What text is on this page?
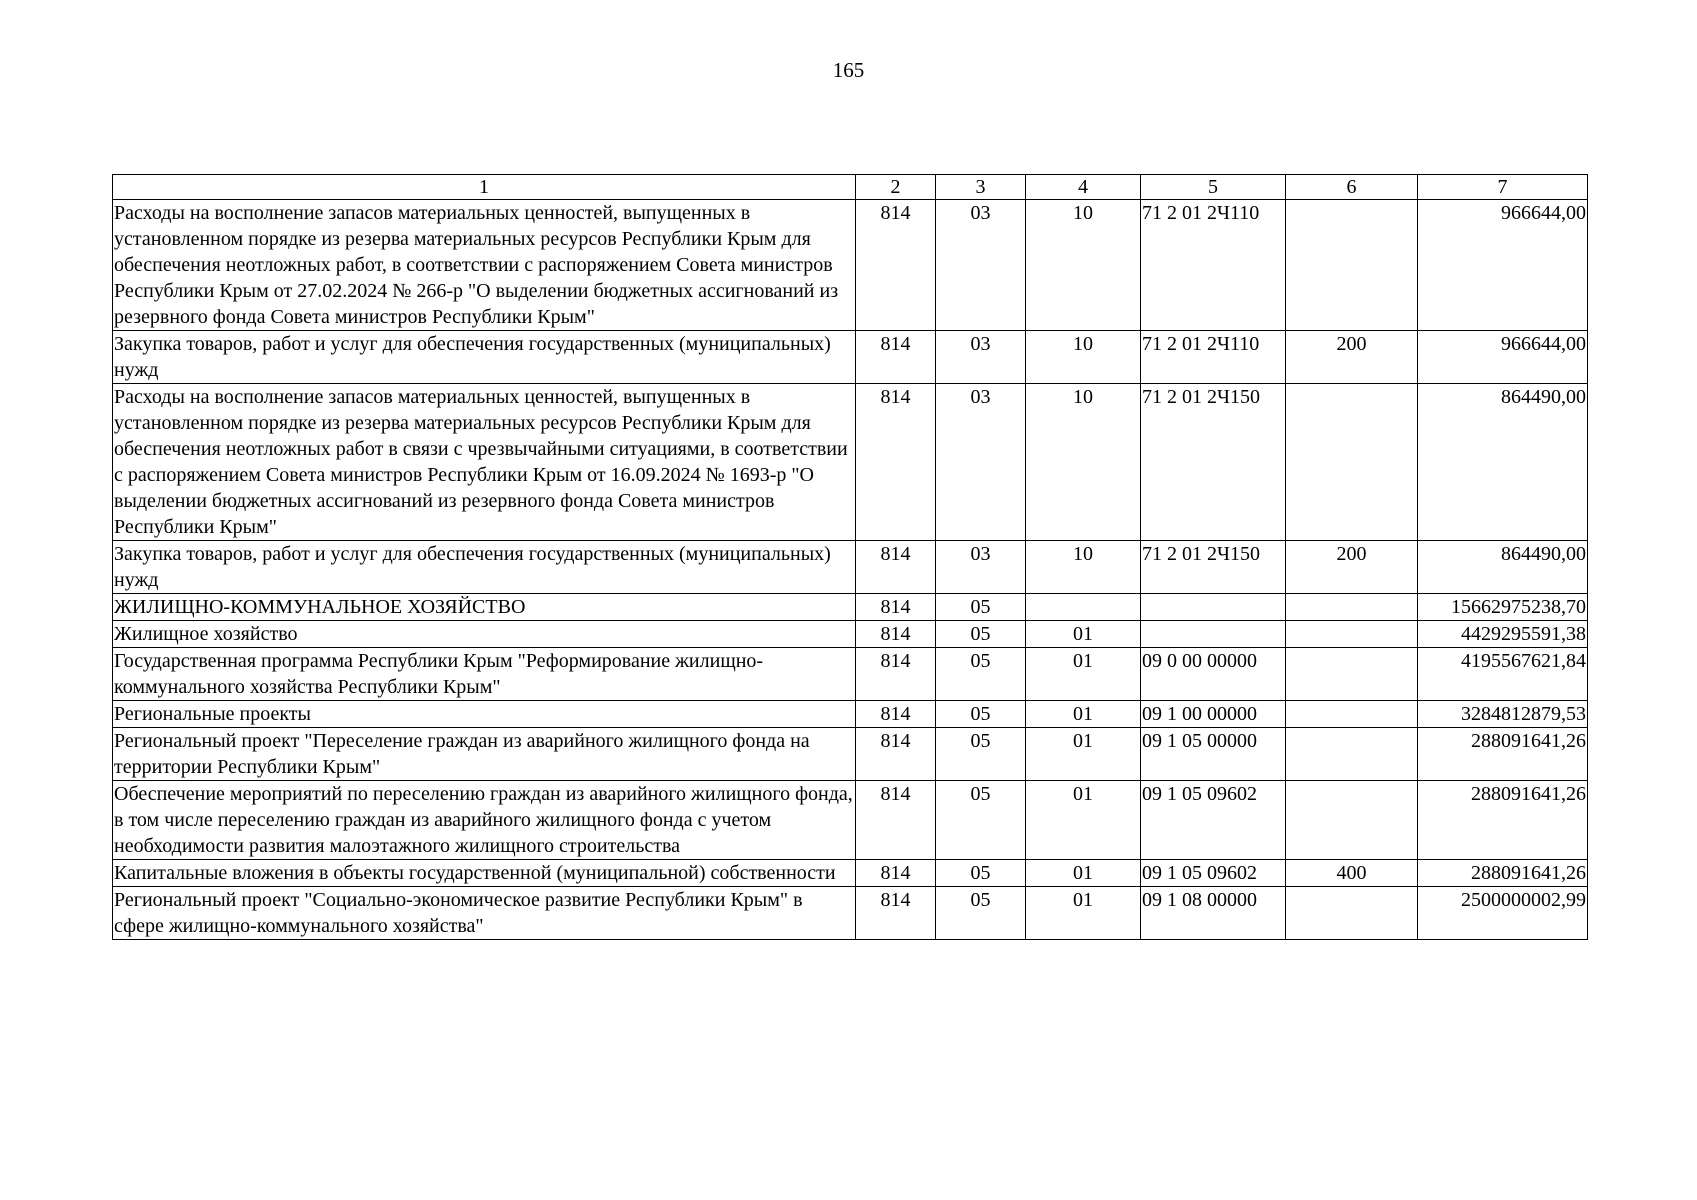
165
1	2	3	4	5	6	7
Расходы на восполнение запасов материальных ценностей, выпущенных в установленном порядке из резерва материальных ресурсов Республики Крым для обеспечения неотложных работ, в соответствии с распоряжением Совета министров Республики Крым от 27.02.2024 № 266-р "О выделении бюджетных ассигнований из резервного фонда Совета министров Республики Крым"	814	03	10	71 2 01 2Ч110		966644,00
Закупка товаров, работ и услуг для обеспечения государственных (муниципальных) нужд	814	03	10	71 2 01 2Ч110	200	966644,00
Расходы на восполнение запасов материальных ценностей, выпущенных в установленном порядке из резерва материальных ресурсов Республики Крым для обеспечения неотложных работ в связи с чрезвычайными ситуациями, в соответствии с распоряжением Совета министров Республики Крым от 16.09.2024 № 1693-р "О выделении бюджетных ассигнований из резервного фонда Совета министров Республики Крым"	814	03	10	71 2 01 2Ч150		864490,00
Закупка товаров, работ и услуг для обеспечения государственных (муниципальных) нужд	814	03	10	71 2 01 2Ч150	200	864490,00
ЖИЛИЩНО-КОММУНАЛЬНОЕ ХОЗЯЙСТВО	814	05				15662975238,70
Жилищное хозяйство	814	05	01			4429295591,38
Государственная программа Республики Крым "Реформирование жилищно-коммунального хозяйства Республики Крым"	814	05	01	09 0 00 00000		4195567621,84
Региональные проекты	814	05	01	09 1 00 00000		3284812879,53
Региональный проект "Переселение граждан из аварийного жилищного фонда на территории Республики Крым"	814	05	01	09 1 05 00000		288091641,26
Обеспечение мероприятий по переселению граждан из аварийного жилищного фонда, в том числе переселению граждан из аварийного жилищного фонда с учетом необходимости развития малоэтажного жилищного строительства	814	05	01	09 1 05 09602		288091641,26
Капитальные вложения в объекты государственной (муниципальной) собственности	814	05	01	09 1 05 09602	400	288091641,26
Региональный проект "Социально-экономическое развитие Республики Крым" в сфере жилищно-коммунального хозяйства"	814	05	01	09 1 08 00000		2500000002,99
